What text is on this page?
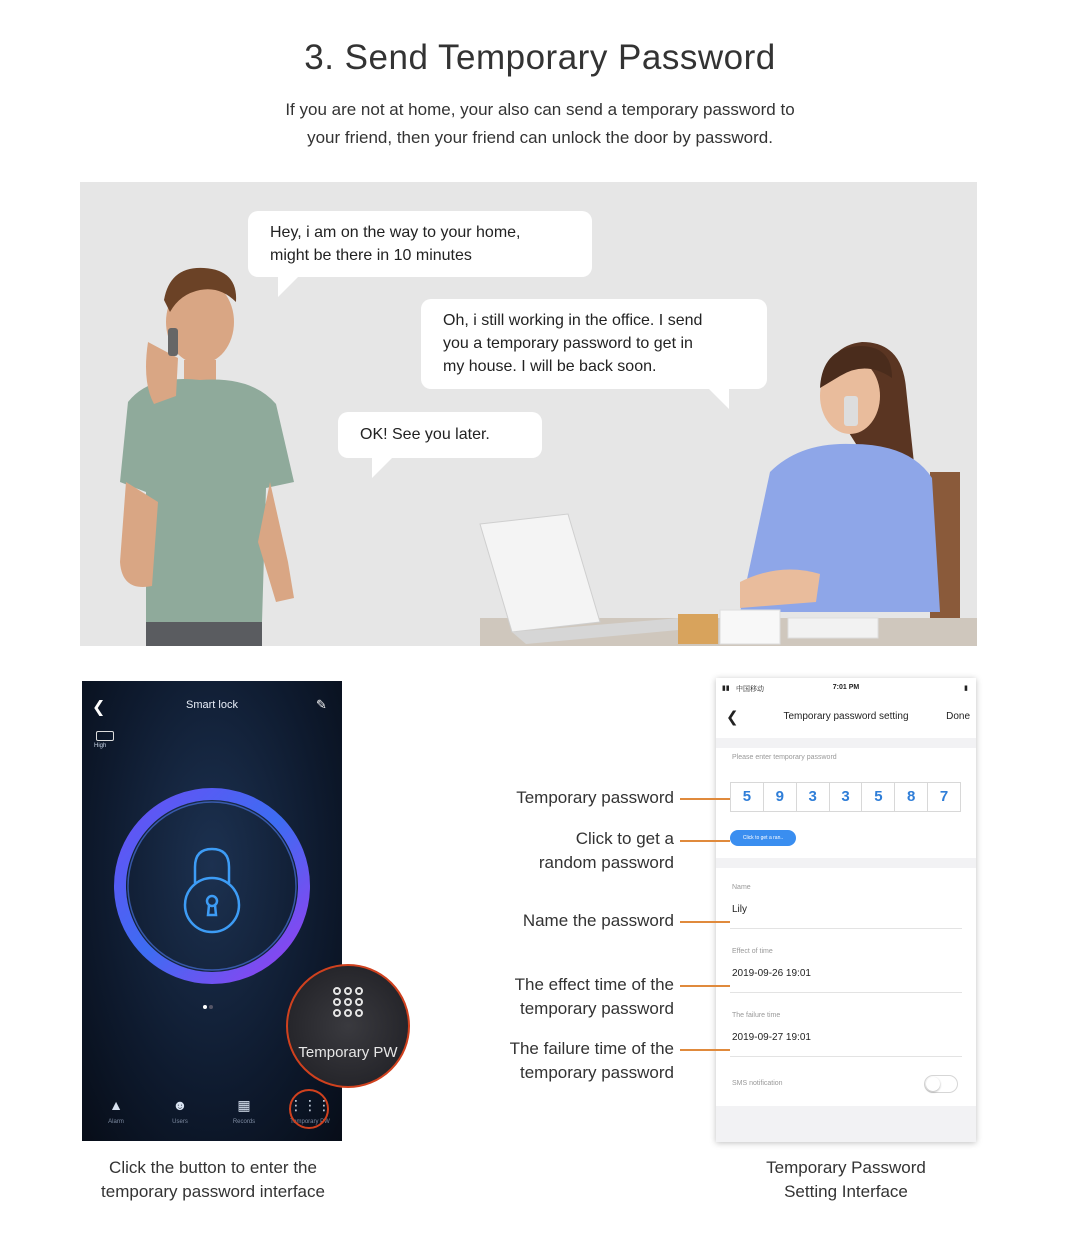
3. Send Temporary Password
If you are not at home, your also can send a temporary password to
your friend, then your friend can unlock the door by password.
Hey, i am on the way to your home,
might be there in 10 minutes
Oh, i still working in the office. I send
you a temporary password to get in
my house. I will be back soon.
OK! See you later.
❮	Smart lock	✎
High
▲
Alarm
☻
Users
▦
Records
⋮⋮⋮
Temporary PW
Temporary PW
Click the button to enter the
temporary password interface
▮▮ 中国移动	7:01 PM	▮
❮	Temporary password setting	Done
Please enter temporary password
5	9	3	3	5	8	7
Click to get a ran..
Name
Lily
Effect of time
2019-09-26 19:01
The failure time
2019-09-27 19:01
SMS notification
Temporary Password
Setting Interface
Temporary password
Click to get a
random password
Name the password
The effect time of the
temporary password
The failure time of the
temporary password
